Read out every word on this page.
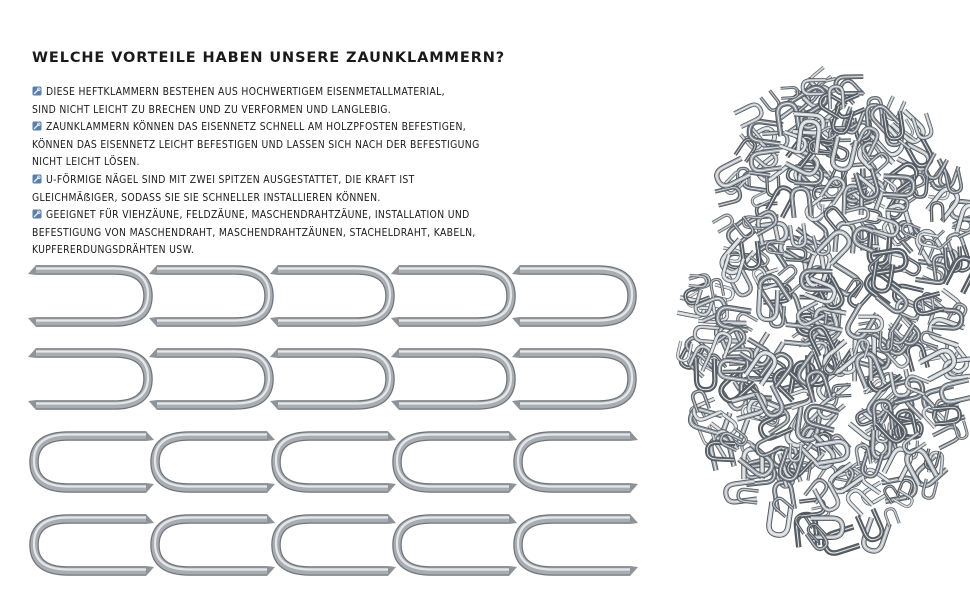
WELCHE VORTEILE HABEN UNSERE ZAUNKLAMMERN?
DIESE HEFTKLAMMERN BESTEHEN AUS HOCHWERTIGEM EISENMETALLMATERIAL,
SIND NICHT LEICHT ZU BRECHEN UND ZU VERFORMEN UND LANGLEBIG.
ZAUNKLAMMERN KÖNNEN DAS EISENNETZ SCHNELL AM HOLZPFOSTEN BEFESTIGEN,
KÖNNEN DAS EISENNETZ LEICHT BEFESTIGEN UND LASSEN SICH NACH DER BEFESTIGUNG
NICHT LEICHT LÖSEN.
U-FÖRMIGE NÄGEL SIND MIT ZWEI SPITZEN AUSGESTATTET, DIE KRAFT IST
GLEICHMÄẞIGER, SODASS SIE SIE SCHNELLER INSTALLIEREN KÖNNEN.
GEEIGNET FÜR VIEHZÄUNE, FELDZÄUNE, MASCHENDRAHTZÄUNE, INSTALLATION UND
BEFESTIGUNG VON MASCHENDRAHT, MASCHENDRAHTZÄUNEN, STACHELDRAHT, KABELN,
KUPFERERDUNGSDRÄHTEN USW.
